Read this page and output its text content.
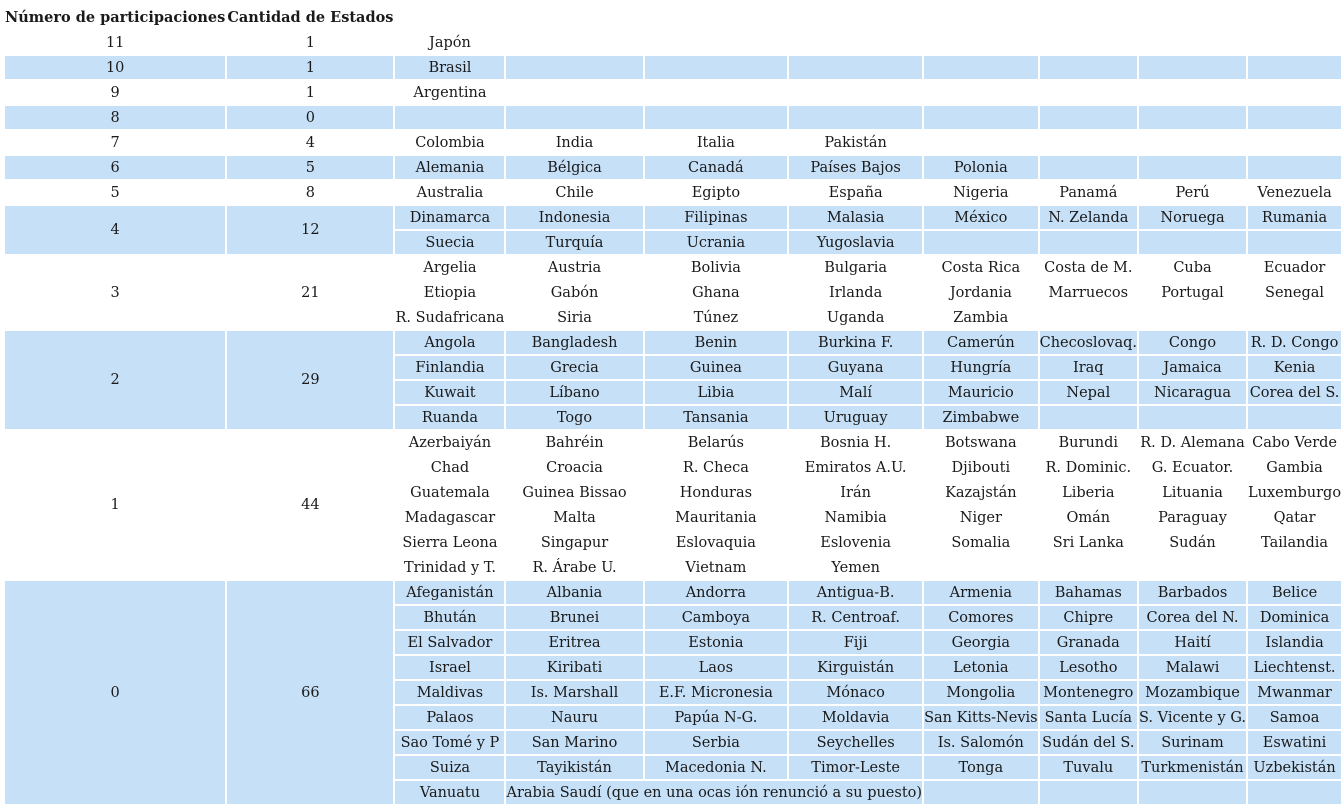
Número de participaciones	Cantidad de Estados								
11	1	Japón							
10	1	Brasil							
9	1	Argentina							
8	0								
7	4	Colombia	India	Italia	Pakistán				
6	5	Alemania	Bélgica	Canadá	Países Bajos	Polonia			
5	8	Australia	Chile	Egipto	España	Nigeria	Panamá	Perú	Venezuela
4	12	Dinamarca	Indonesia	Filipinas	Malasia	México	N. Zelanda	Noruega	Rumania
		Suecia	Turquía	Ucrania	Yugoslavia				
3	21	Argelia	Austria	Bolivia	Bulgaria	Costa Rica	Costa de M.	Cuba	Ecuador
		Etiopia	Gabón	Ghana	Irlanda	Jordania	Marruecos	Portugal	Senegal
		R. Sudafricana	Siria	Túnez	Uganda	Zambia			
2	29	Angola	Bangladesh	Benin	Burkina F.	Camerún	Checoslovaq.	Congo	R. D. Congo
		Finlandia	Grecia	Guinea	Guyana	Hungría	Iraq	Jamaica	Kenia
		Kuwait	Líbano	Libia	Malí	Mauricio	Nepal	Nicaragua	Corea del S.
		Ruanda	Togo	Tansania	Uruguay	Zimbabwe			
1	44	Azerbaiyán	Bahréin	Belarús	Bosnia H.	Botswana	Burundi	R. D. Alemana	Cabo Verde
		Chad	Croacia	R. Checa	Emiratos A.U.	Djibouti	R. Dominic.	G. Ecuator.	Gambia
		Guatemala	Guinea Bissao	Honduras	Irán	Kazajstán	Liberia	Lituania	Luxemburgo
		Madagascar	Malta	Mauritania	Namibia	Niger	Omán	Paraguay	Qatar
		Sierra Leona	Singapur	Eslovaquia	Eslovenia	Somalia	Sri Lanka	Sudán	Tailandia
		Trinidad y T.	R. Árabe U.	Vietnam	Yemen				
0	66	Afeganistán	Albania	Andorra	Antigua-B.	Armenia	Bahamas	Barbados	Belice
		Bhután	Brunei	Camboya	R. Centroaf.	Comores	Chipre	Corea del N.	Dominica
		El Salvador	Eritrea	Estonia	Fiji	Georgia	Granada	Haití	Islandia
		Israel	Kiribati	Laos	Kirguistán	Letonia	Lesotho	Malawi	Liechtenst.
		Maldivas	Is. Marshall	E.F. Micronesia	Mónaco	Mongolia	Montenegro	Mozambique	Mwanmar
		Palaos	Nauru	Papúa N-G.	Moldavia	San Kitts-Nevis	Santa Lucía	S. Vicente y G.	Samoa
		Sao Tomé y P	San Marino	Serbia	Seychelles	Is. Salomón	Sudán del S.	Surinam	Eswatini
		Suiza	Tayikistán	Macedonia N.	Timor-Leste	Tonga	Tuvalu	Turkmenistán	Uzbekistán
		Vanuatu	Arabia Saudí (que en una ocas ión renunció a su puesto)						
